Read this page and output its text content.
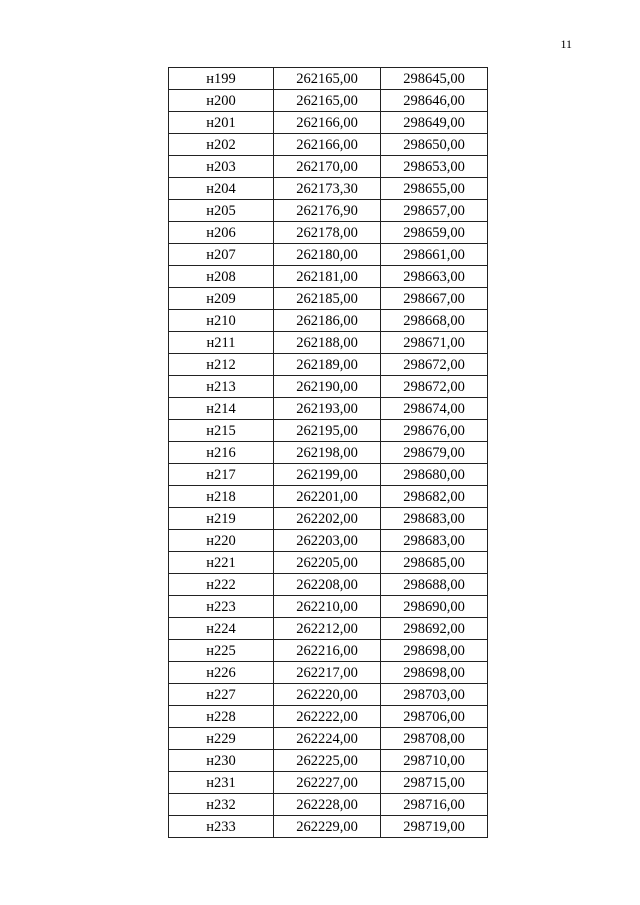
11
н199	262165,00	298645,00
н200	262165,00	298646,00
н201	262166,00	298649,00
н202	262166,00	298650,00
н203	262170,00	298653,00
н204	262173,30	298655,00
н205	262176,90	298657,00
н206	262178,00	298659,00
н207	262180,00	298661,00
н208	262181,00	298663,00
н209	262185,00	298667,00
н210	262186,00	298668,00
н211	262188,00	298671,00
н212	262189,00	298672,00
н213	262190,00	298672,00
н214	262193,00	298674,00
н215	262195,00	298676,00
н216	262198,00	298679,00
н217	262199,00	298680,00
н218	262201,00	298682,00
н219	262202,00	298683,00
н220	262203,00	298683,00
н221	262205,00	298685,00
н222	262208,00	298688,00
н223	262210,00	298690,00
н224	262212,00	298692,00
н225	262216,00	298698,00
н226	262217,00	298698,00
н227	262220,00	298703,00
н228	262222,00	298706,00
н229	262224,00	298708,00
н230	262225,00	298710,00
н231	262227,00	298715,00
н232	262228,00	298716,00
н233	262229,00	298719,00
